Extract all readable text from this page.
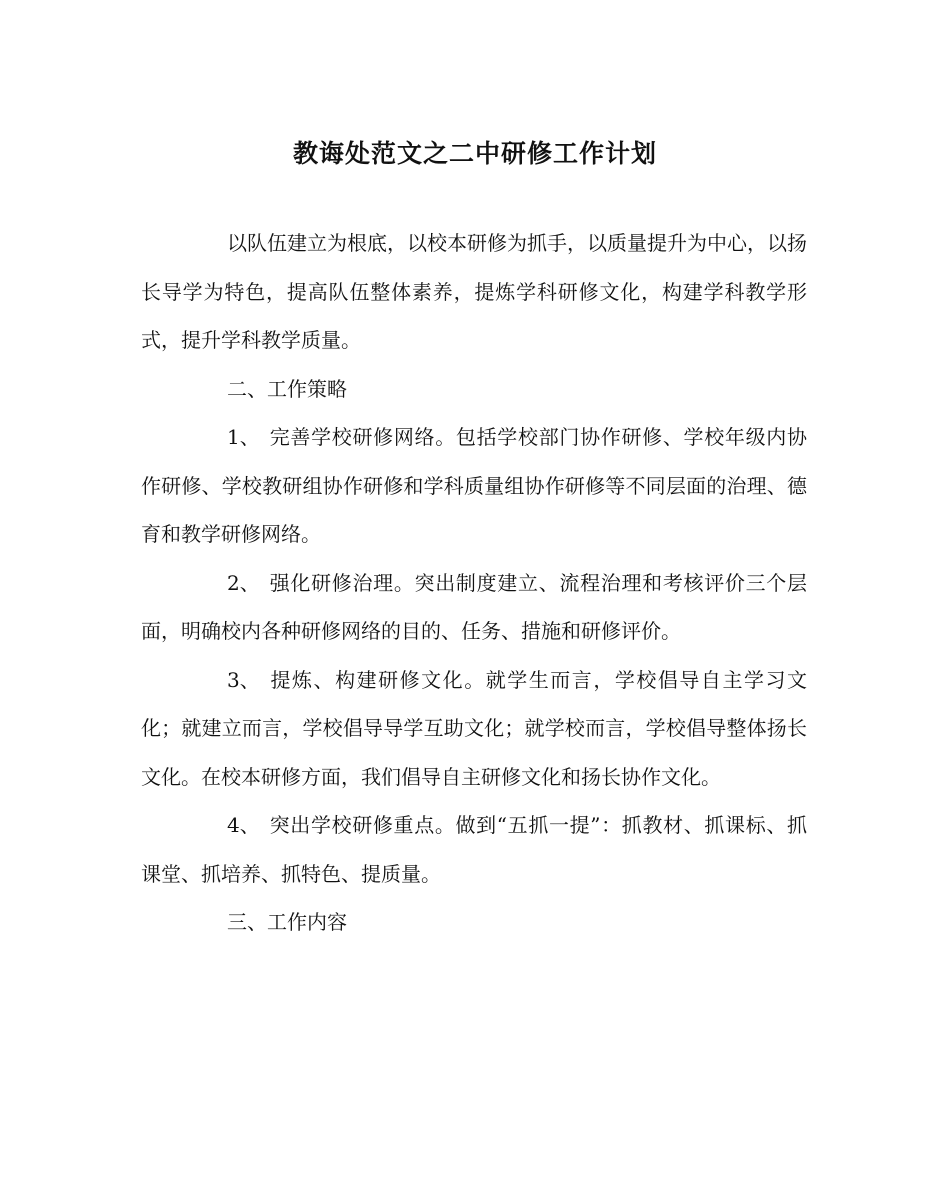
教诲处范文之二中研修工作计划

以队伍建立为根底，以校本研修为抓手，以质量提升为中心，以扬长导学为特色，提高队伍整体素养，提炼学科研修文化，构建学科教学形式，提升学科教学质量。

二、工作策略

1、 完善学校研修网络。包括学校部门协作研修、学校年级内协作研修、学校教研组协作研修和学科质量组协作研修等不同层面的治理、德育和教学研修网络。

2、 强化研修治理。突出制度建立、流程治理和考核评价三个层面，明确校内各种研修网络的目的、任务、措施和研修评价。

3、 提炼、构建研修文化。就学生而言，学校倡导自主学习文化；就建立而言，学校倡导导学互助文化；就学校而言，学校倡导整体扬长文化。在校本研修方面，我们倡导自主研修文化和扬长协作文化。

4、 突出学校研修重点。做到“五抓一提”：抓教材、抓课标、抓课堂、抓培养、抓特色、提质量。

三、工作内容
